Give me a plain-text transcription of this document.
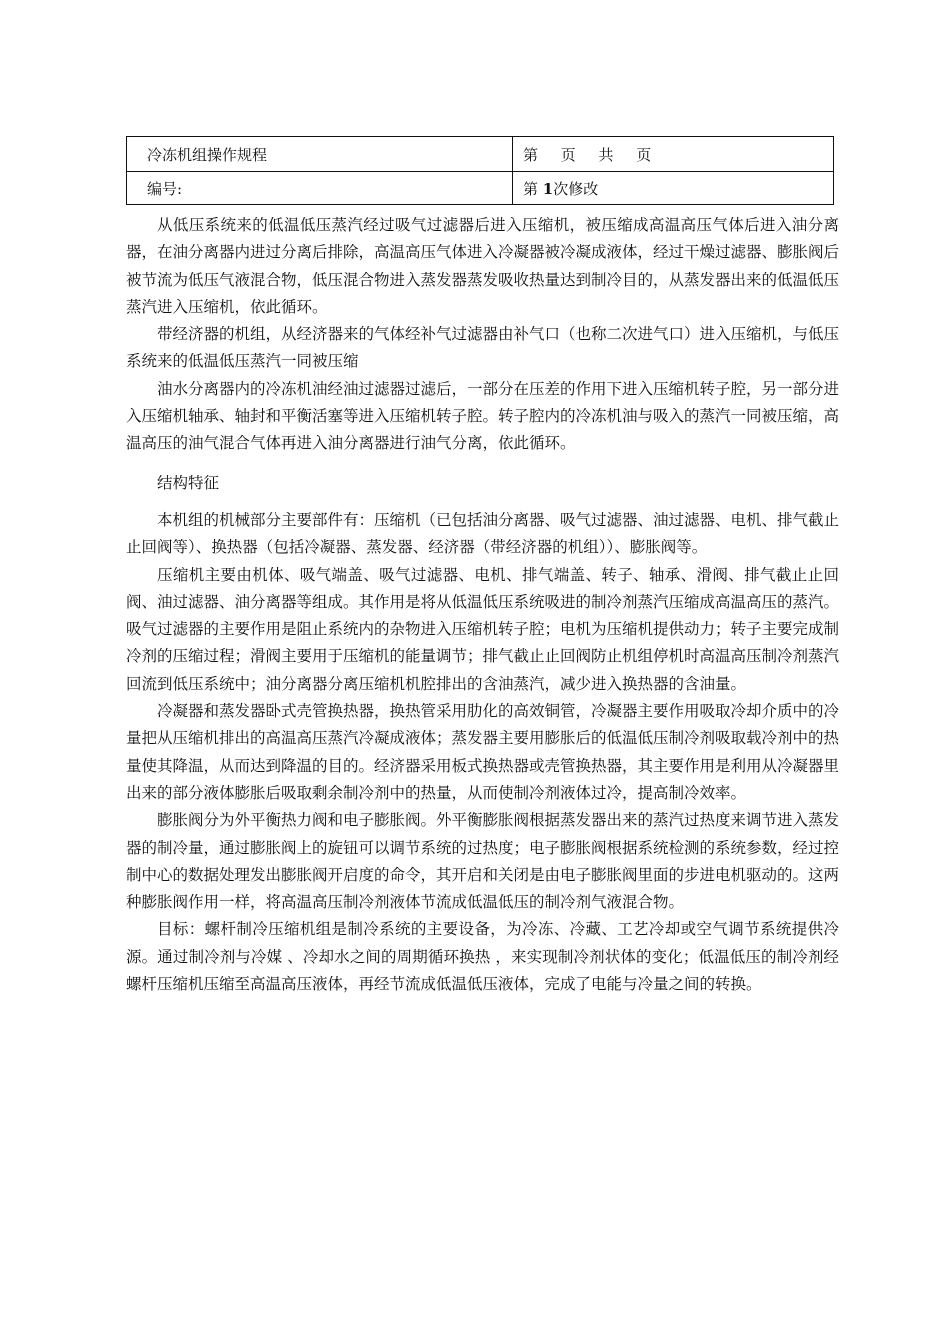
冷冻机组操作规程	第 页 共 页
编号:	第 1次修改

从低压系统来的低温低压蒸汽经过吸气过滤器后进入压缩机，被压缩成高温高压气体后进入油分离器，在油分离器内进过分离后排除，高温高压气体进入冷凝器被冷凝成液体，经过干燥过滤器、膨胀阀后被节流为低压气液混合物，低压混合物进入蒸发器蒸发吸收热量达到制冷目的，从蒸发器出来的低温低压蒸汽进入压缩机，依此循环。

带经济器的机组，从经济器来的气体经补气过滤器由补气口（也称二次进气口）进入压缩机，与低压系统来的低温低压蒸汽一同被压缩

油水分离器内的冷冻机油经油过滤器过滤后，一部分在压差的作用下进入压缩机转子腔，另一部分进入压缩机轴承、轴封和平衡活塞等进入压缩机转子腔。转子腔内的冷冻机油与吸入的蒸汽一同被压缩，高温高压的油气混合气体再进入油分离器进行油气分离，依此循环。

结构特征

本机组的机械部分主要部件有：压缩机（已包括油分离器、吸气过滤器、油过滤器、电机、排气截止止回阀等）、换热器（包括冷凝器、蒸发器、经济器（带经济器的机组））、膨胀阀等。

压缩机主要由机体、吸气端盖、吸气过滤器、电机、排气端盖、转子、轴承、滑阀、排气截止止回阀、油过滤器、油分离器等组成。其作用是将从低温低压系统吸进的制冷剂蒸汽压缩成高温高压的蒸汽。吸气过滤器的主要作用是阻止系统内的杂物进入压缩机转子腔；电机为压缩机提供动力；转子主要完成制冷剂的压缩过程；滑阀主要用于压缩机的能量调节；排气截止止回阀防止机组停机时高温高压制冷剂蒸汽回流到低压系统中；油分离器分离压缩机机腔排出的含油蒸汽，减少进入换热器的含油量。

冷凝器和蒸发器卧式壳管换热器，换热管采用肋化的高效铜管，冷凝器主要作用吸取冷却介质中的冷量把从压缩机排出的高温高压蒸汽冷凝成液体；蒸发器主要用膨胀后的低温低压制冷剂吸取载冷剂中的热量使其降温，从而达到降温的目的。经济器采用板式换热器或壳管换热器，其主要作用是利用从冷凝器里出来的部分液体膨胀后吸取剩余制冷剂中的热量，从而使制冷剂液体过冷，提高制冷效率。

膨胀阀分为外平衡热力阀和电子膨胀阀。外平衡膨胀阀根据蒸发器出来的蒸汽过热度来调节进入蒸发器的制冷量，通过膨胀阀上的旋钮可以调节系统的过热度；电子膨胀阀根据系统检测的系统参数，经过控制中心的数据处理发出膨胀阀开启度的命令，其开启和关闭是由电子膨胀阀里面的步进电机驱动的。这两种膨胀阀作用一样，将高温高压制冷剂液体节流成低温低压的制冷剂气液混合物。

目标：螺杆制冷压缩机组是制冷系统的主要设备，为冷冻、冷藏、工艺冷却或空气调节系统提供冷源。通过制冷剂与冷媒 、冷却水之间的周期循环换热 ，来实现制冷剂状体的变化；低温低压的制冷剂经螺杆压缩机压缩至高温高压液体，再经节流成低温低压液体，完成了电能与冷量之间的转换。
